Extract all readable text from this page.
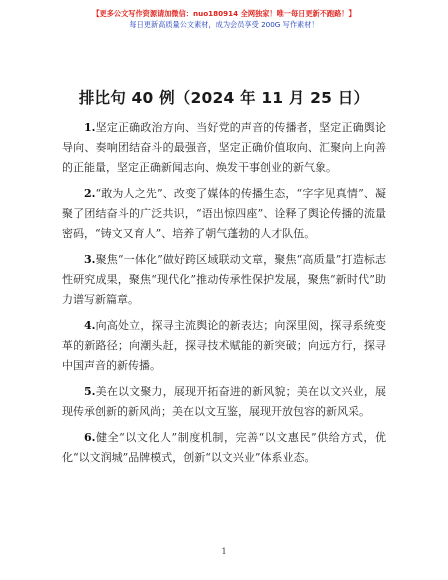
【更多公文写作资源请加微信：nuo180914 全网独家！唯一每日更新不跑路！】
每日更新高质量公文素材，成为会员享受 200G 写作素材！
排比句 40 例（2024 年 11 月 25 日）

1.坚定正确政治方向、当好党的声音的传播者，坚定正确舆论导向、奏响团结奋斗的最强音，坚定正确价值取向、汇聚向上向善的正能量，坚定正确新闻志向、焕发干事创业的新气象。

2.“敢为人之先”、改变了媒体的传播生态，“字字见真情”、凝聚了团结奋斗的广泛共识，“语出惊四座”、诠释了舆论传播的流量密码，“铸文又育人”、培养了朝气蓬勃的人才队伍。

3.聚焦“一体化”做好跨区域联动文章，聚焦“高质量”打造标志性研究成果，聚焦“现代化”推动传承性保护发展，聚焦“新时代”助力谱写新篇章。

4.向高处立，探寻主流舆论的新表达；向深里阅，探寻系统变革的新路径；向潮头赶，探寻技术赋能的新突破；向远方行，探寻中国声音的新传播。

5.美在以文聚力，展现开拓奋进的新风貌；美在以文兴业，展现传承创新的新风尚；美在以文互鉴，展现开放包容的新风采。

6.健全“以文化人”制度机制，完善“以文惠民”供给方式，优化“以文润城”品牌模式，创新“以文兴业”体系业态。

1
